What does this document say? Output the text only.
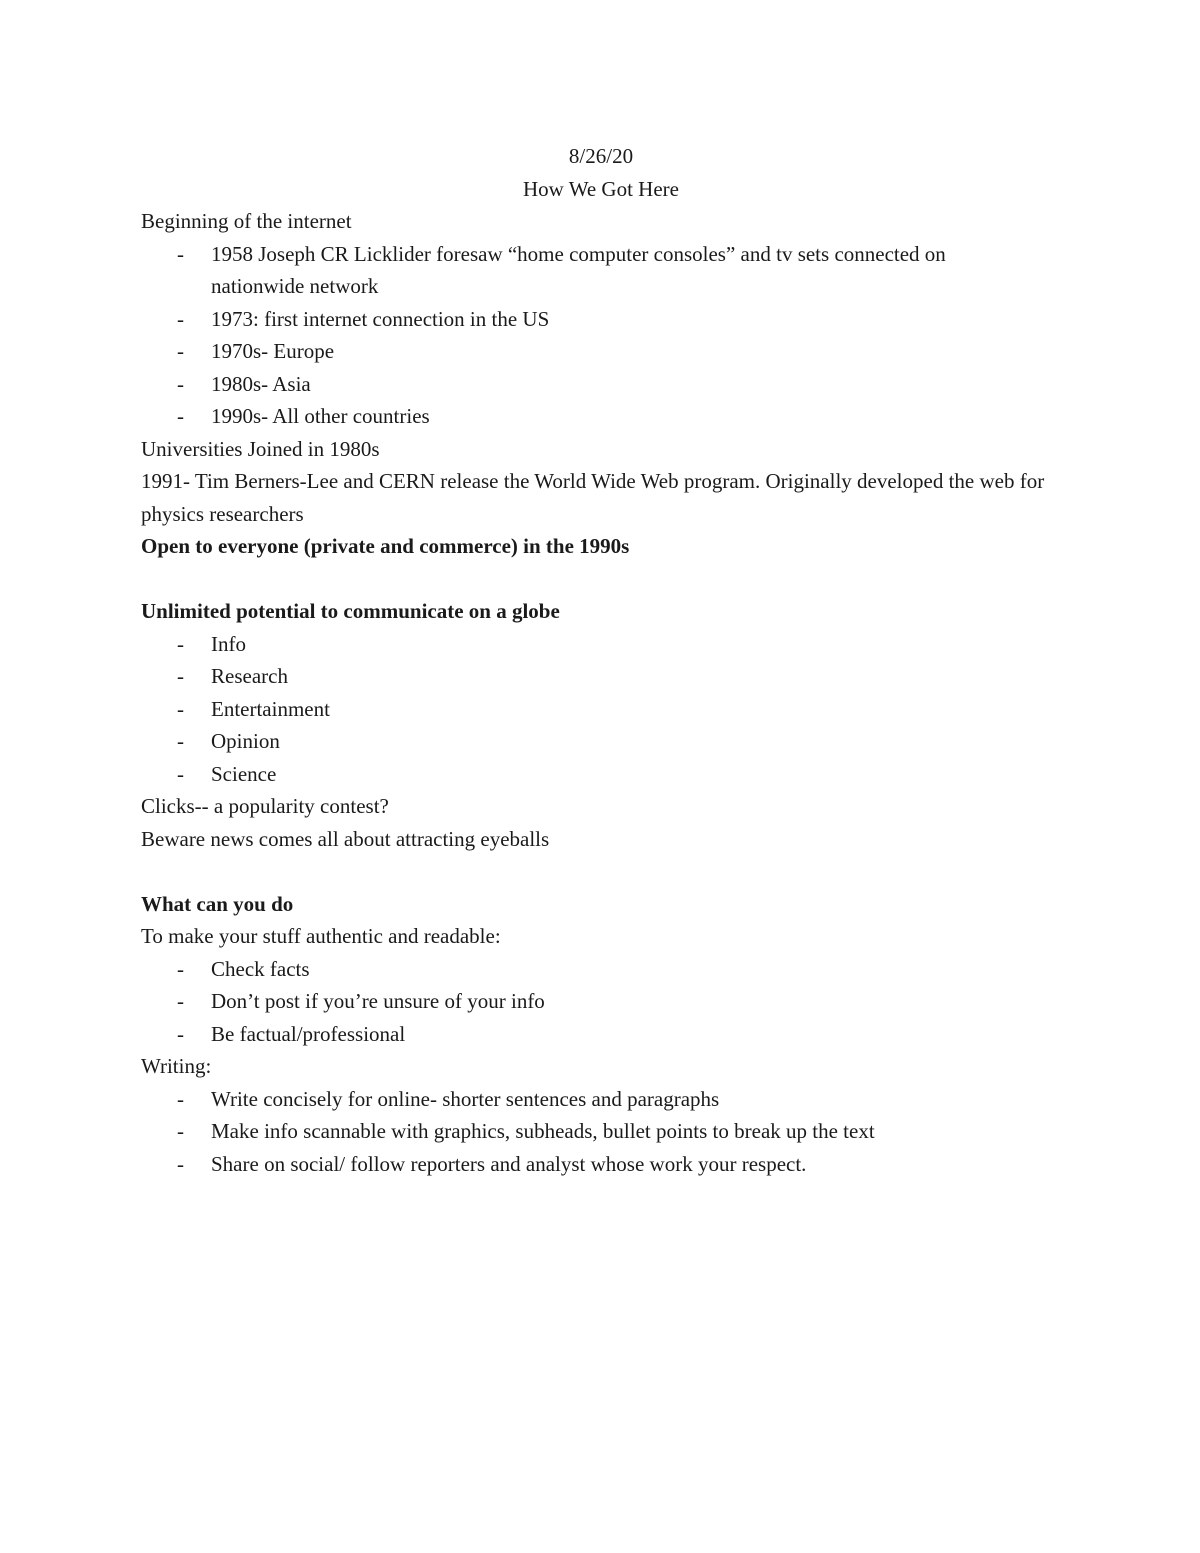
8/26/20
How We Got Here
Beginning of the internet
- 1958 Joseph CR Licklider foresaw “home computer consoles” and tv sets connected on nationwide network
- 1973: first internet connection in the US
- 1970s- Europe
- 1980s- Asia
- 1990s- All other countries
Universities Joined in 1980s
1991- Tim Berners-Lee and CERN release the World Wide Web program. Originally developed the web for physics researchers
Open to everyone (private and commerce) in the 1990s
Unlimited potential to communicate on a globe
- Info
- Research
- Entertainment
- Opinion
- Science
Clicks-- a popularity contest?
Beware news comes all about attracting eyeballs
What can you do
To make your stuff authentic and readable:
- Check facts
- Don’t post if you’re unsure of your info
- Be factual/professional
Writing:
- Write concisely for online- shorter sentences and paragraphs
- Make info scannable with graphics, subheads, bullet points to break up the text
- Share on social/ follow reporters and analyst whose work your respect.
